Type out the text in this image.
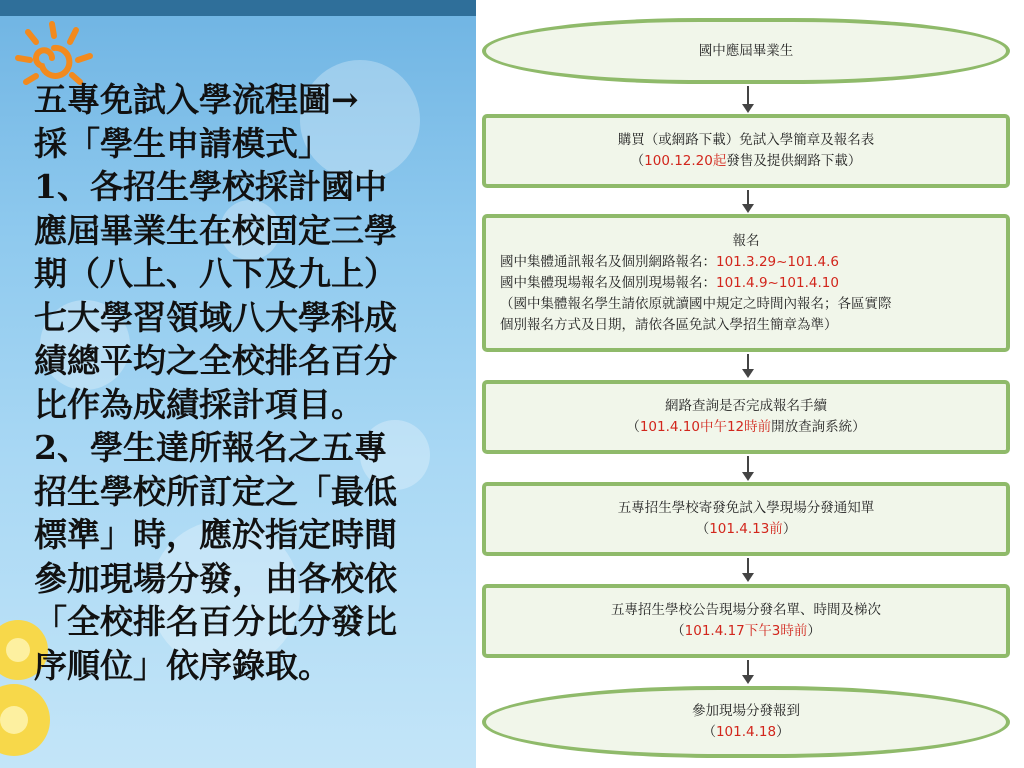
五專免試入學流程圖→
採「學生申請模式」
1、各招生學校採計國中
應屆畢業生在校固定三學
期（八上、八下及九上）
七大學習領域八大學科成
績總平均之全校排名百分
比作為成績採計項目。
2、學生達所報名之五專
招生學校所訂定之「最低
標準」時，應於指定時間
參加現場分發，由各校依
「全校排名百分比分發比
序順位」依序錄取。

國中應屆畢業生
購買（或網路下載）免試入學簡章及報名表
（100.12.20起發售及提供網路下載）
報名
國中集體通訊報名及個別網路報名：101.3.29~101.4.6
國中集體現場報名及個別現場報名：101.4.9~101.4.10
（國中集體報名學生請依原就讀國中規定之時間內報名；各區實際
個別報名方式及日期，請依各區免試入學招生簡章為準）
網路查詢是否完成報名手續
（101.4.10中午12時前開放查詢系統）
五專招生學校寄發免試入學現場分發通知單
（101.4.13前）
五專招生學校公告現場分發名單、時間及梯次
（101.4.17下午3時前）
參加現場分發報到
（101.4.18）
